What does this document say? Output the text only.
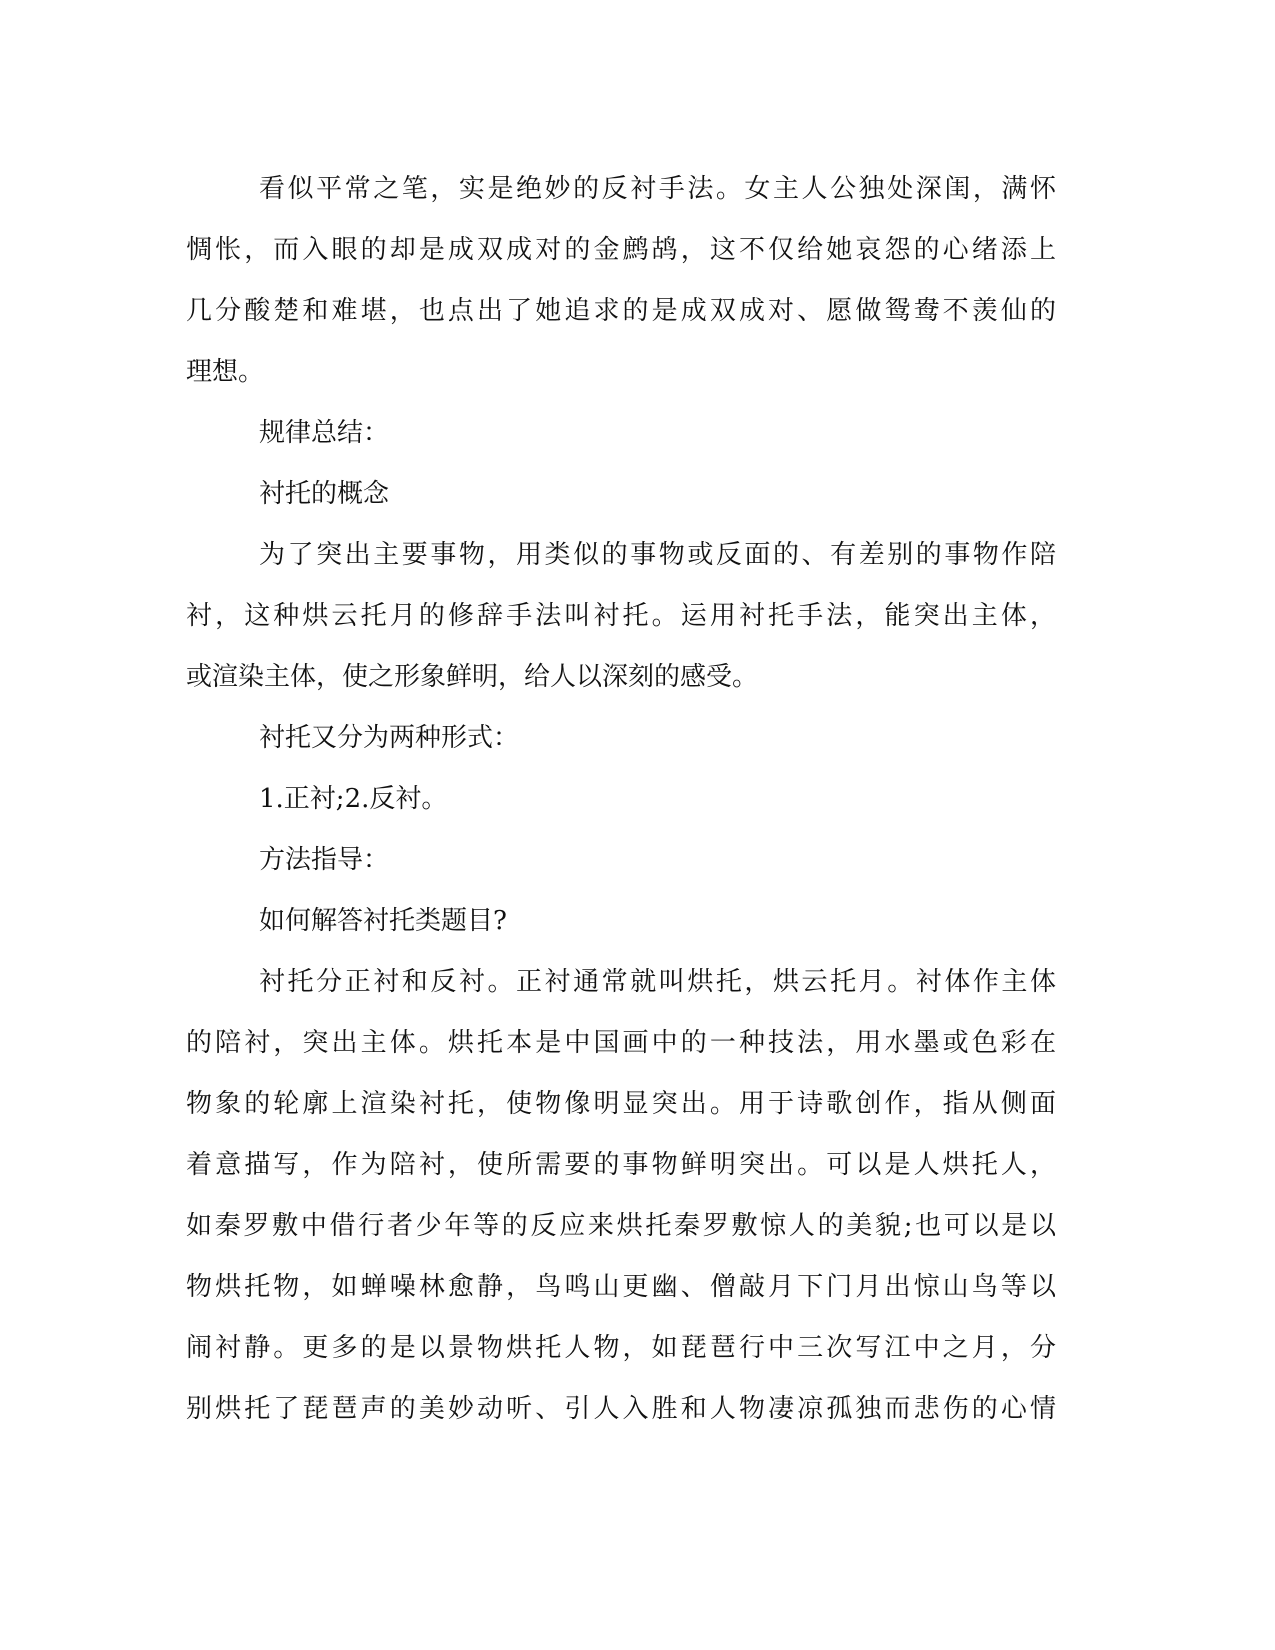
看似平常之笔，实是绝妙的反衬手法。女主人公独处深闺，满怀
惆怅，而入眼的却是成双成对的金鹧鸪，这不仅给她哀怨的心绪添上
几分酸楚和难堪，也点出了她追求的是成双成对、愿做鸳鸯不羡仙的
理想。
规律总结：
衬托的概念
为了突出主要事物，用类似的事物或反面的、有差别的事物作陪
衬，这种烘云托月的修辞手法叫衬托。运用衬托手法，能突出主体，
或渲染主体，使之形象鲜明，给人以深刻的感受。
衬托又分为两种形式：
1.正衬;2.反衬。
方法指导：
如何解答衬托类题目?
衬托分正衬和反衬。正衬通常就叫烘托，烘云托月。衬体作主体
的陪衬，突出主体。烘托本是中国画中的一种技法，用水墨或色彩在
物象的轮廓上渲染衬托，使物像明显突出。用于诗歌创作，指从侧面
着意描写，作为陪衬，使所需要的事物鲜明突出。可以是人烘托人，
如秦罗敷中借行者少年等的反应来烘托秦罗敷惊人的美貌;也可以是以
物烘托物，如蝉噪林愈静，鸟鸣山更幽、僧敲月下门月出惊山鸟等以
闹衬静。更多的是以景物烘托人物，如琵琶行中三次写江中之月，分
别烘托了琵琶声的美妙动听、引人入胜和人物凄凉孤独而悲伤的心情
